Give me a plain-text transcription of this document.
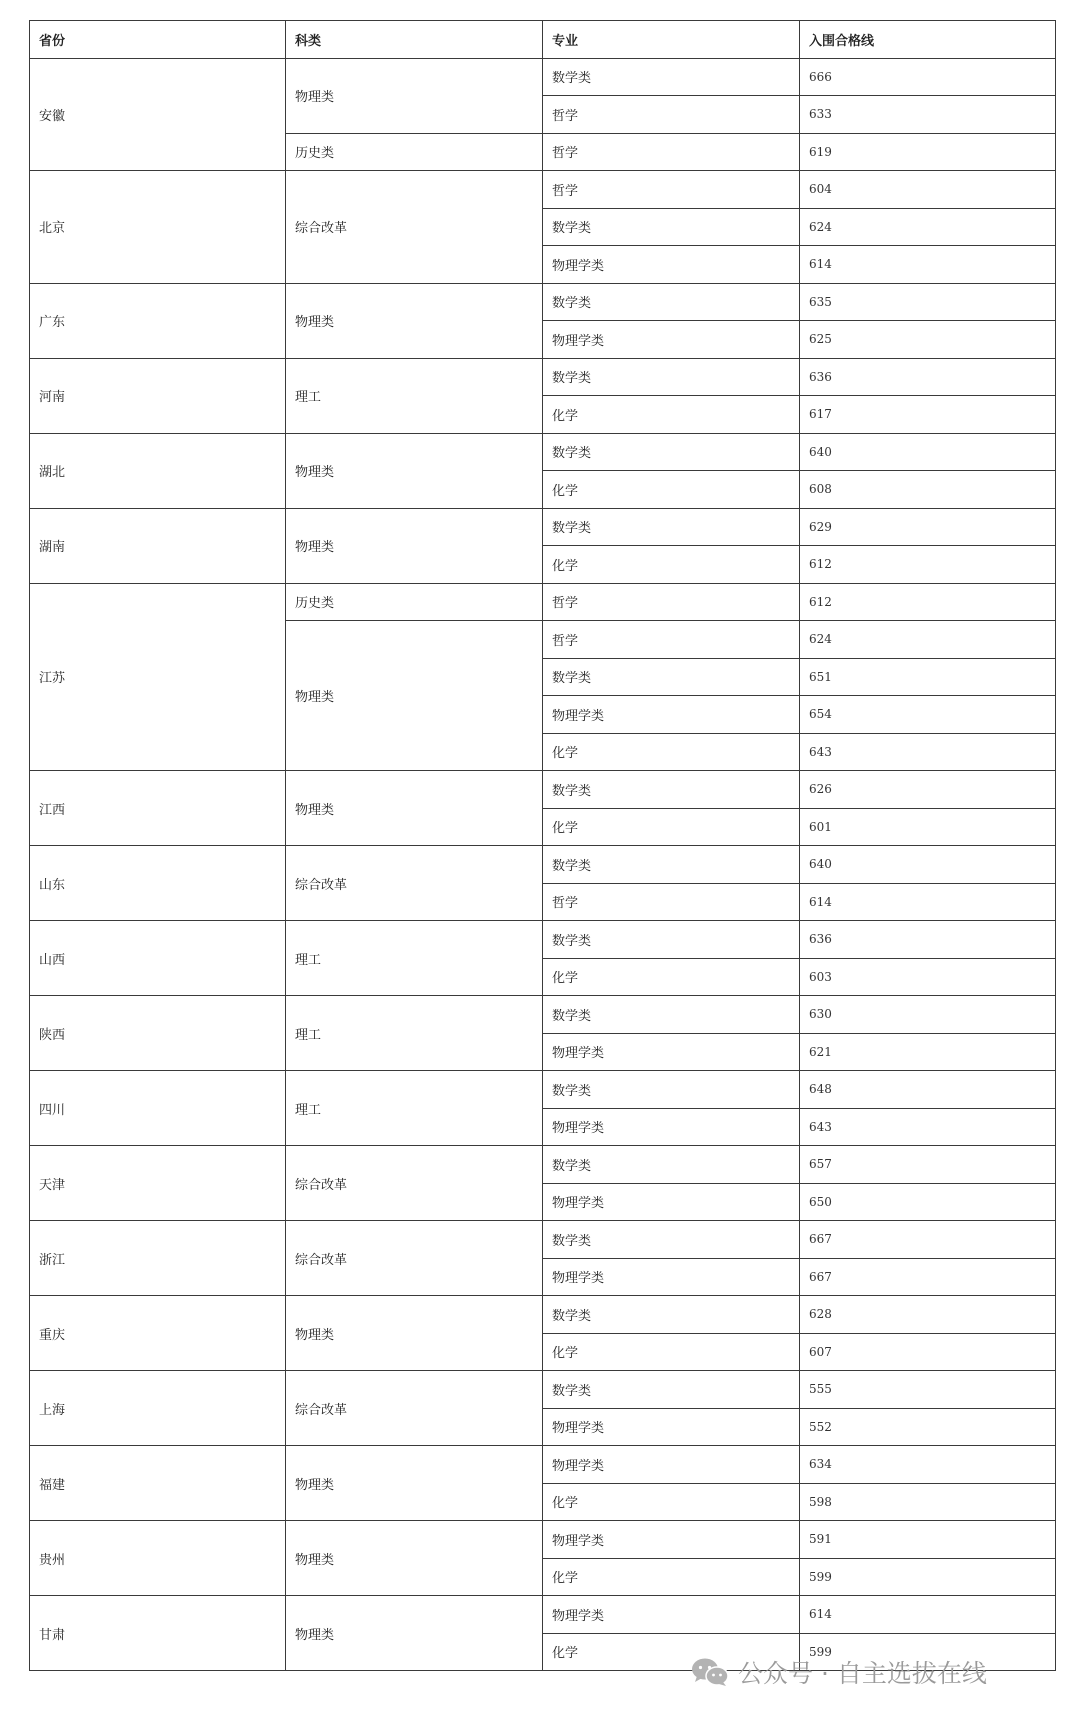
省份	科类	专业	入围合格线
安徽	物理类	数学类	666
		哲学	633
	历史类	哲学	619
北京	综合改革	哲学	604
		数学类	624
		物理学类	614
广东	物理类	数学类	635
		物理学类	625
河南	理工	数学类	636
		化学	617
湖北	物理类	数学类	640
		化学	608
湖南	物理类	数学类	629
		化学	612
江苏	历史类	哲学	612
	物理类	哲学	624
		数学类	651
		物理学类	654
		化学	643
江西	物理类	数学类	626
		化学	601
山东	综合改革	数学类	640
		哲学	614
山西	理工	数学类	636
		化学	603
陕西	理工	数学类	630
		物理学类	621
四川	理工	数学类	648
		物理学类	643
天津	综合改革	数学类	657
		物理学类	650
浙江	综合改革	数学类	667
		物理学类	667
重庆	物理类	数学类	628
		化学	607
上海	综合改革	数学类	555
		物理学类	552
福建	物理类	物理学类	634
		化学	598
贵州	物理类	物理学类	591
		化学	599
甘肃	物理类	物理学类	614
		化学	599
公众号 · 自主选拔在线
